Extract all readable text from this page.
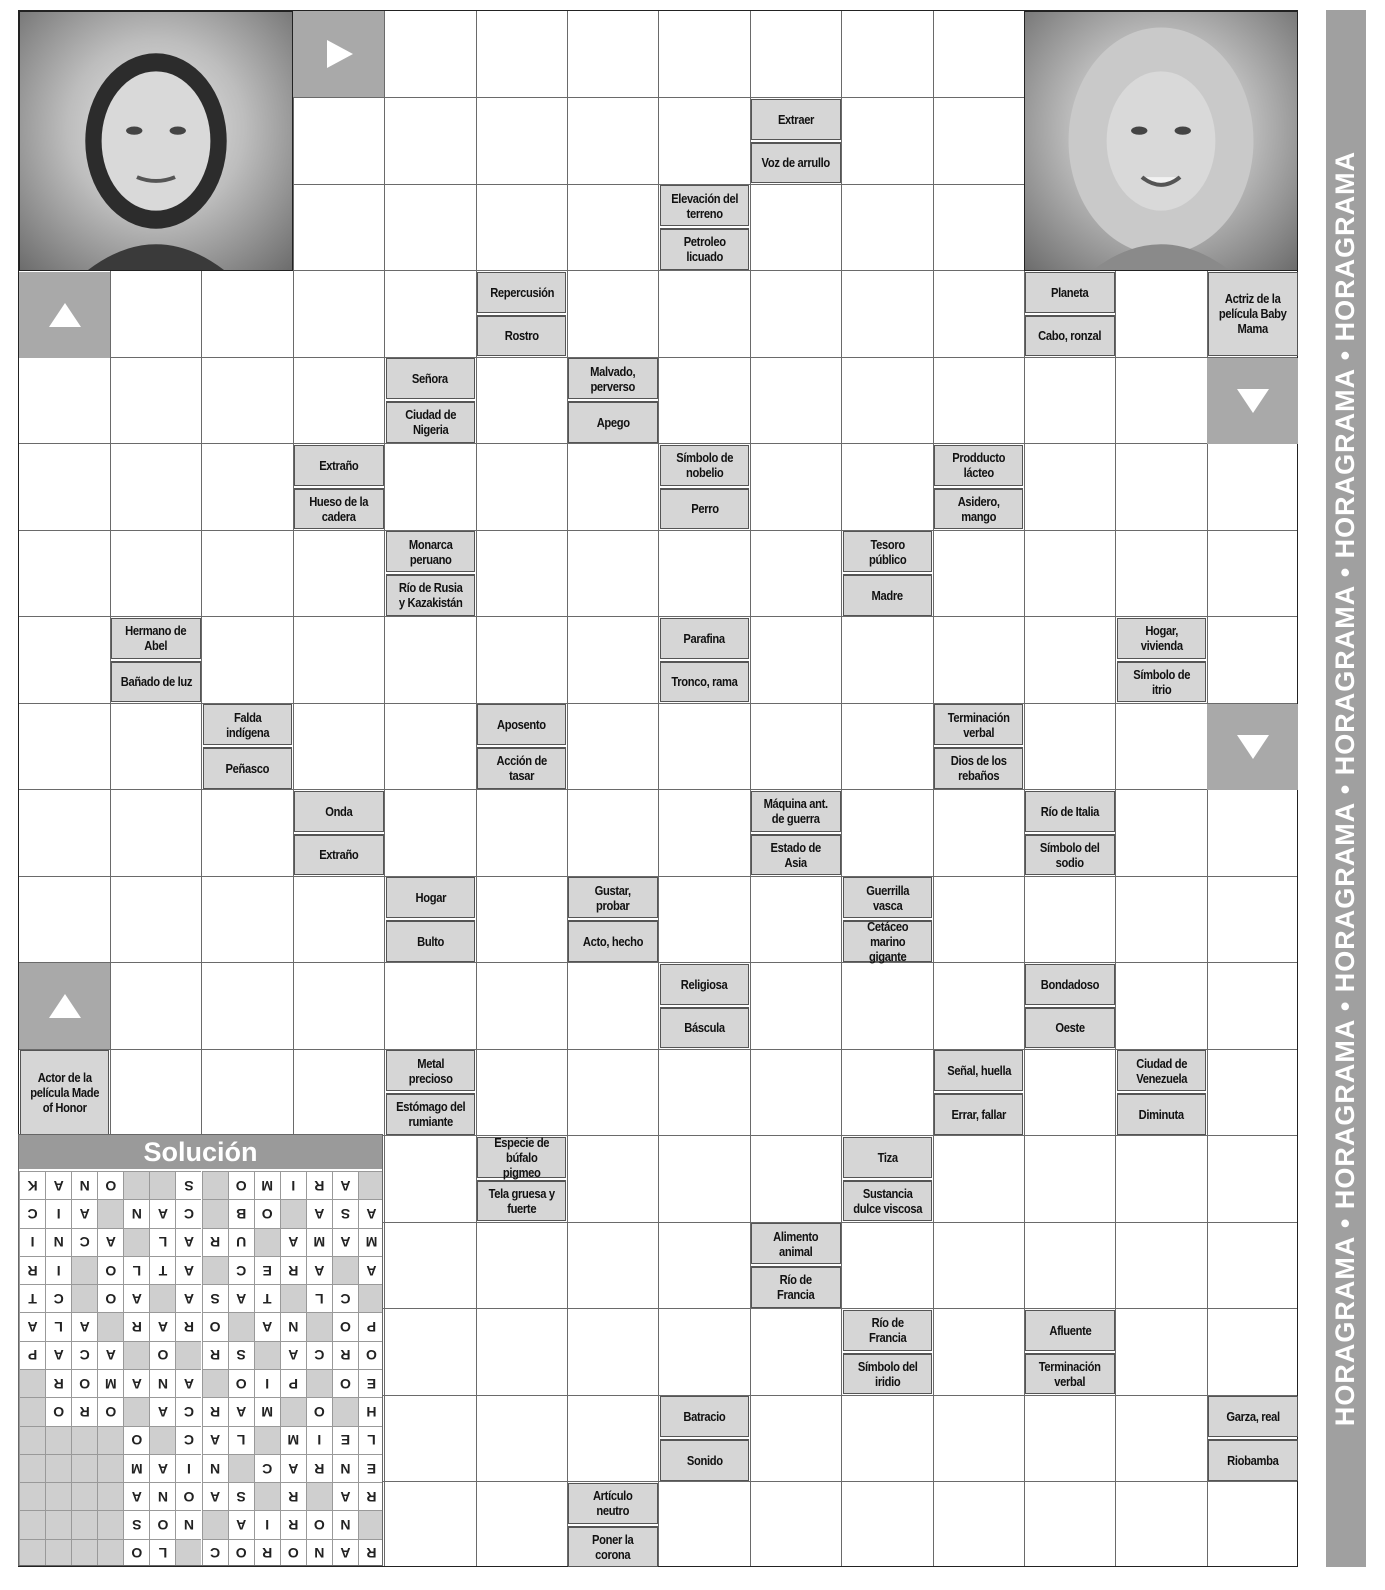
Extraer
Voz de arrullo
Elevación del terreno
Petroleo licuado
Repercusión
Rostro
Planeta
Cabo, ronzal
Actriz de la película Baby Mama
Señora
Ciudad de Nigeria
Malvado, perverso
Apego
Extraño
Hueso de la cadera
Símbolo de nobelio
Perro
Prodducto lácteo
Asidero, mango
Monarca peruano
Río de Rusia y Kazakistán
Tesoro público
Madre
Hermano de Abel
Bañado de luz
Parafina
Tronco, rama
Hogar, vivienda
Símbolo de itrio
Falda indígena
Peñasco
Aposento
Acción de tasar
Terminación verbal
Dios de los rebaños
Onda
Extraño
Máquina ant. de guerra
Estado de Asia
Río de Italia
Símbolo del sodio
Hogar
Bulto
Gustar, probar
Acto, hecho
Guerrilla vasca
Cetáceo marino gigante
Religiosa
Báscula
Bondadoso
Oeste
Actor de la película Made of Honor
Metal precioso
Estómago del rumiante
Señal, huella
Errar, fallar
Ciudad de Venezuela
Diminuta
Especie de búfalo pigmeo
Tela gruesa y fuerte
Tiza
Sustancia dulce viscosa
Alimento animal
Río de Francia
Río de Francia
Símbolo del iridio
Afluente
Terminación verbal
Batracio
Sonido
Garza, real
Riobamba
Artículo neutro
Poner la corona
Solución
R
A
N
O
R
O
C
L
O
N
O
R
I
A
N
O
S
R
A
R
S
A
O
N
A
E
N
R
A
C
N
I
A
M
L
E
I
M
L
A
C
O
H
O
M
A
R
C
A
O
R
O
E
O
P
I
O
A
N
A
M
O
R
O
R
C
A
S
R
O
A
C
A
P
P
O
N
A
O
R
A
R
A
L
A
C
L
T
A
S
A
A
O
C
T
A
A
R
E
C
A
T
L
O
I
R
M
A
M
A
U
R
A
L
A
C
N
I
A
S
A
O
B
C
A
N
A
I
C
A
R
I
M
O
S
O
N
A
K	HORAGRAMA • HORAGRAMA • HORAGRAMA • HORAGRAMA • HORAGRAMA • HORAGRAMA
